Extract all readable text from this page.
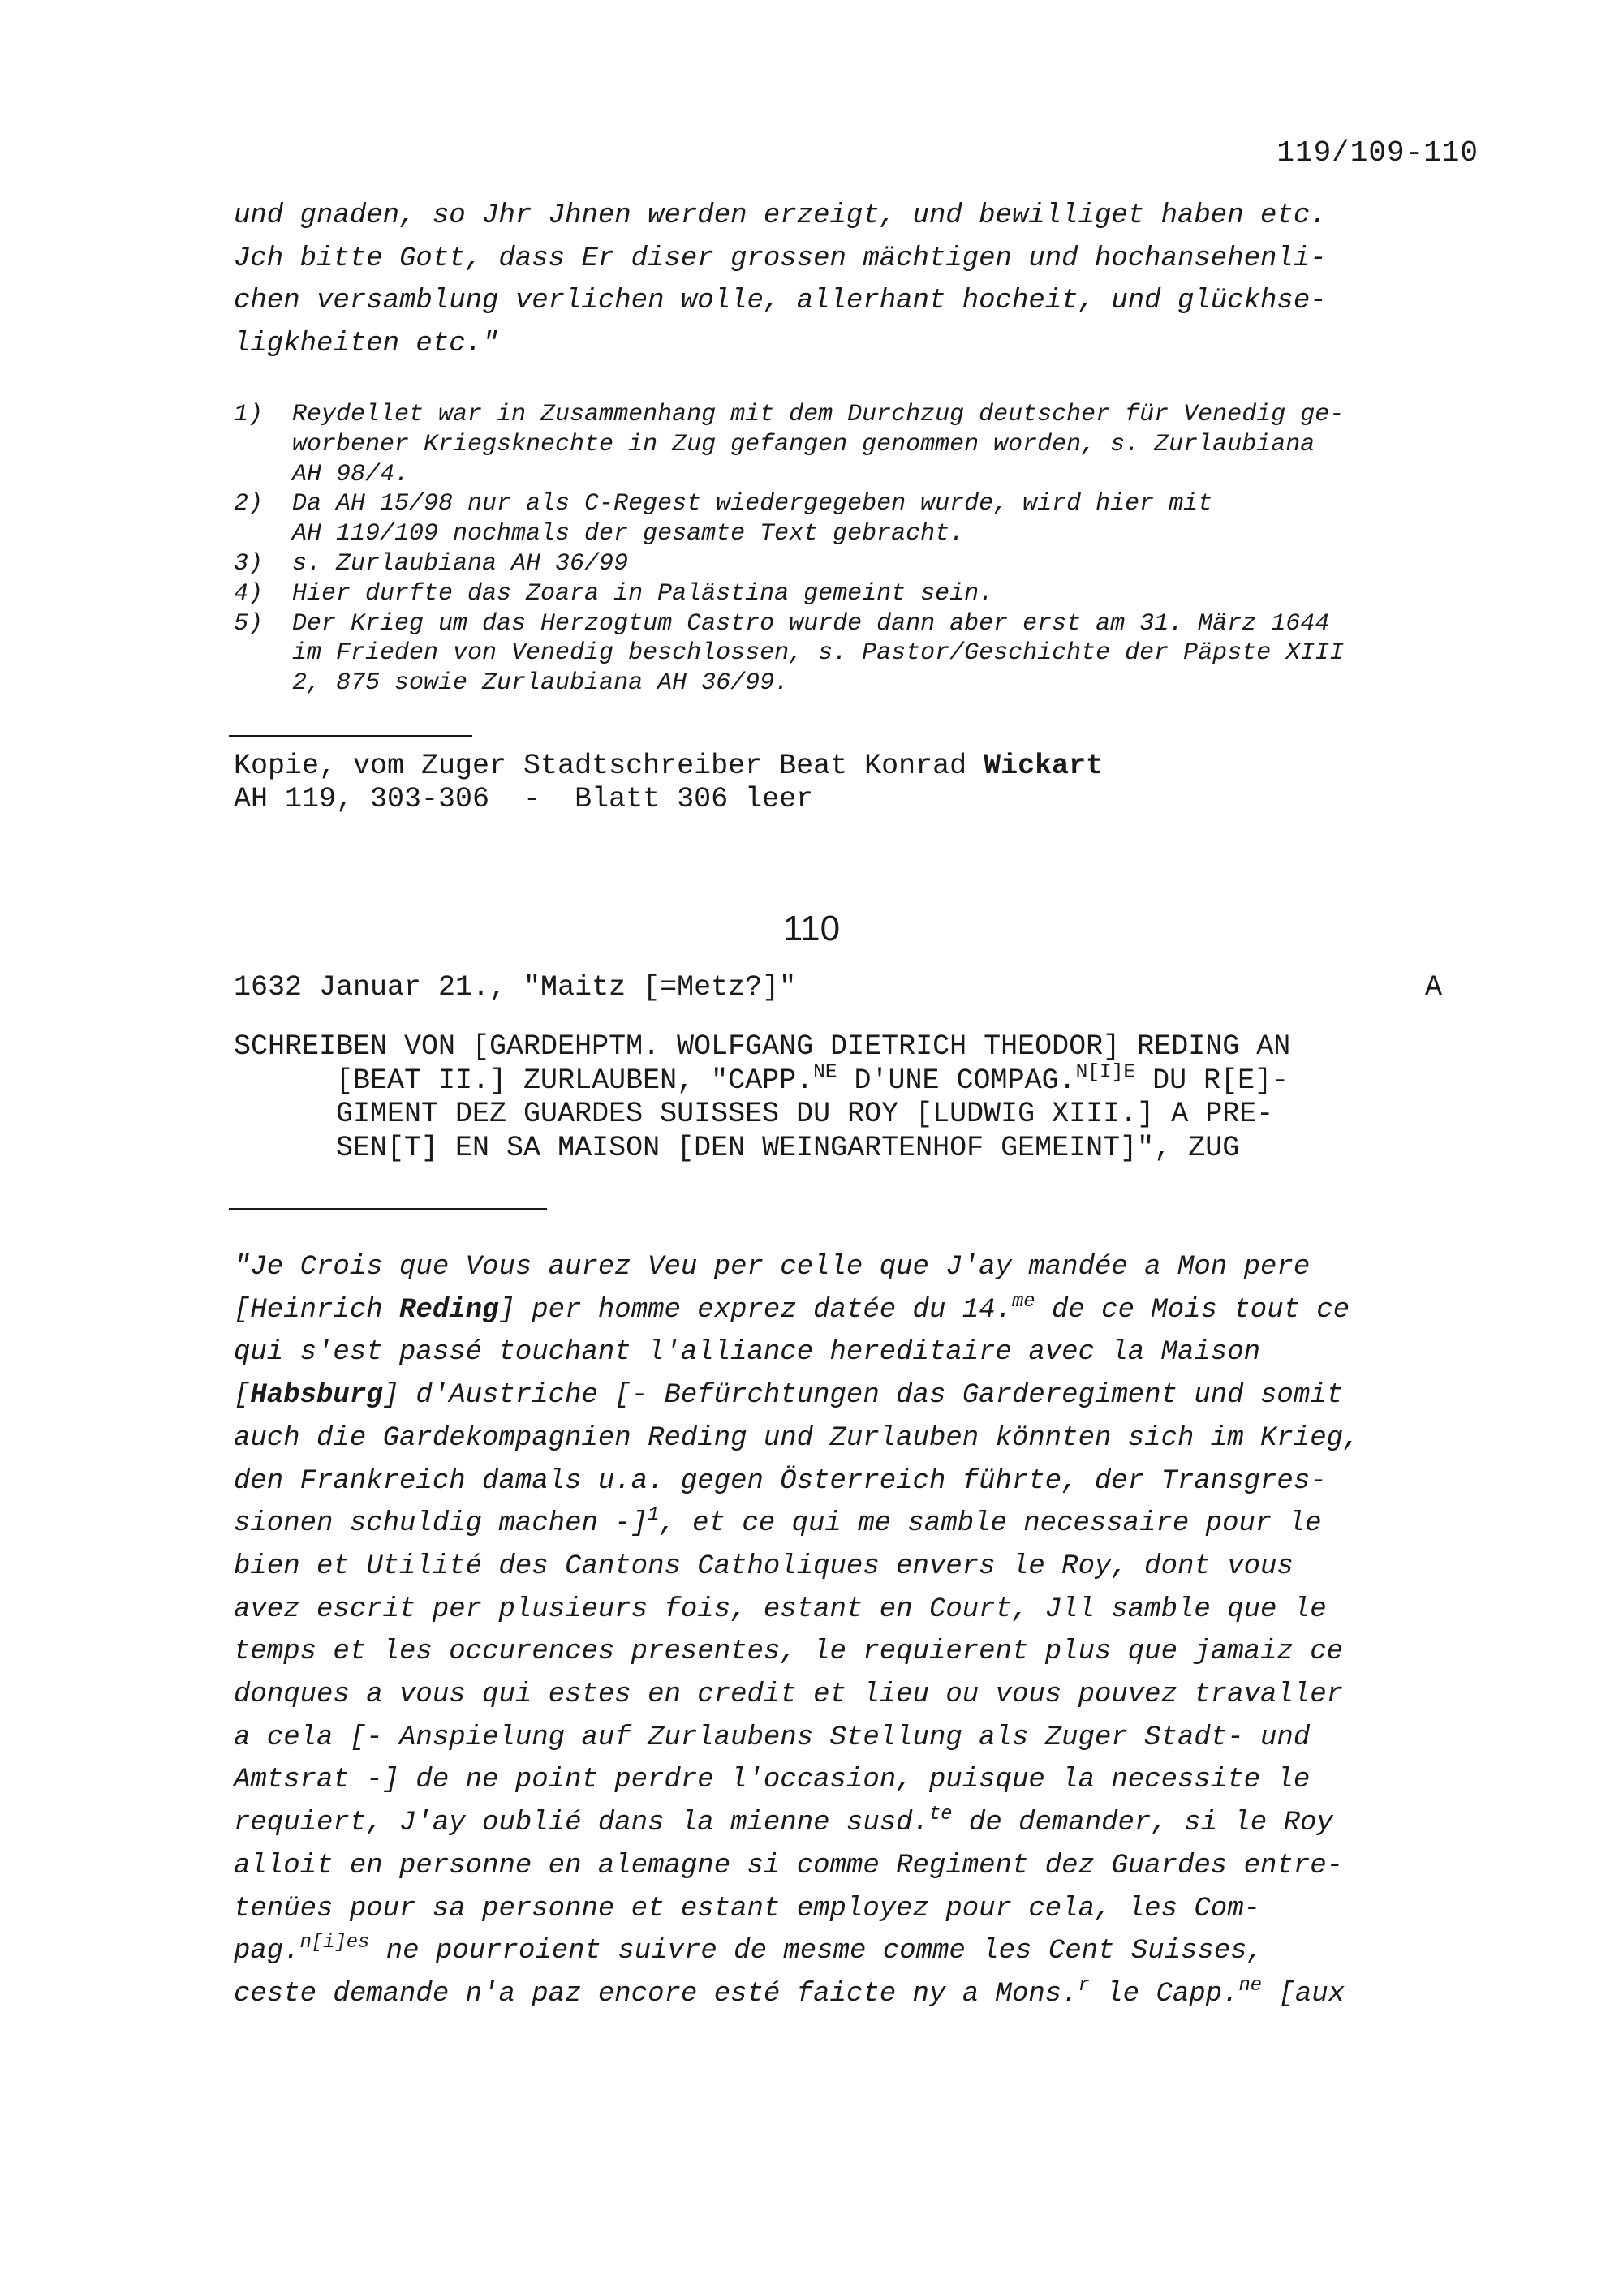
119/109-110
und gnaden, so Jhr Jhnen werden erzeigt, und bewilliget haben etc.
Jch bitte Gott, dass Er diser grossen mächtigen und hochansehenli-
chen versamblung verlichen wolle, allerhant hocheit, und glückhse-
ligkheiten etc."
1)	Reydellet war in Zusammenhang mit dem Durchzug deutscher für Venedig ge-
worbener Kriegsknechte in Zug gefangen genommen worden, s. Zurlaubiana
AH 98/4.
2)	Da AH 15/98 nur als C-Regest wiedergegeben wurde, wird hier mit
AH 119/109 nochmals der gesamte Text gebracht.
3)	s. Zurlaubiana AH 36/99
4)	Hier durfte das Zoara in Palästina gemeint sein.
5)	Der Krieg um das Herzogtum Castro wurde dann aber erst am 31. März 1644
im Frieden von Venedig beschlossen, s. Pastor/Geschichte der Päpste XIII
2, 875 sowie Zurlaubiana AH 36/99.
Kopie, vom Zuger Stadtschreiber Beat Konrad Wickart
AH 119, 303-306  -  Blatt 306 leer
110
1632 Januar 21., "Maitz [=Metz?]"	A
SCHREIBEN VON [GARDEHPTM. WOLFGANG DIETRICH THEODOR] REDING AN
[BEAT II.] ZURLAUBEN, "CAPP.$^{NE}$ D'UNE COMPAG.$^{N[I]E}$ DU R[E]-
GIMENT DEZ GUARDES SUISSES DU ROY [LUDWIG XIII.] A PRE-
SEN[T] EN SA MAISON [DEN WEINGARTENHOF GEMEINT]", ZUG
"Je Crois que Vous aurez Veu per celle que J'ay mandée a Mon pere
[Heinrich Reding] per homme exprez datée du 14.$^{me}$ de ce Mois tout ce
qui s'est passé touchant l'alliance hereditaire avec la Maison
[Habsburg] d'Austriche [- Befürchtungen das Garderegiment und somit
auch die Gardekompagnien Reding und Zurlauben könnten sich im Krieg,
den Frankreich damals u.a. gegen Österreich führte, der Transgres-
sionen schuldig machen -]$^1$, et ce qui me samble necessaire pour le
bien et Utilité des Cantons Catholiques envers le Roy, dont vous
avez escrit per plusieurs fois, estant en Court, Jll samble que le
temps et les occurences presentes, le requierent plus que jamaiz ce
donques a vous qui estes en credit et lieu ou vous pouvez travaller
a cela [- Anspielung auf Zurlaubens Stellung als Zuger Stadt- und
Amtsrat -] de ne point perdre l'occasion, puisque la necessite le
requiert, J'ay oublié dans la mienne susd.$^{te}$ de demander, si le Roy
alloit en personne en alemagne si comme Regiment dez Guardes entre-
tenües pour sa personne et estant employez pour cela, les Com-
pag.$^{n[i]es}$ ne pourroient suivre de mesme comme les Cent Suisses,
ceste demande n'a paz encore esté faicte ny a Mons.$^r$ le Capp.$^{ne}$ [aux
